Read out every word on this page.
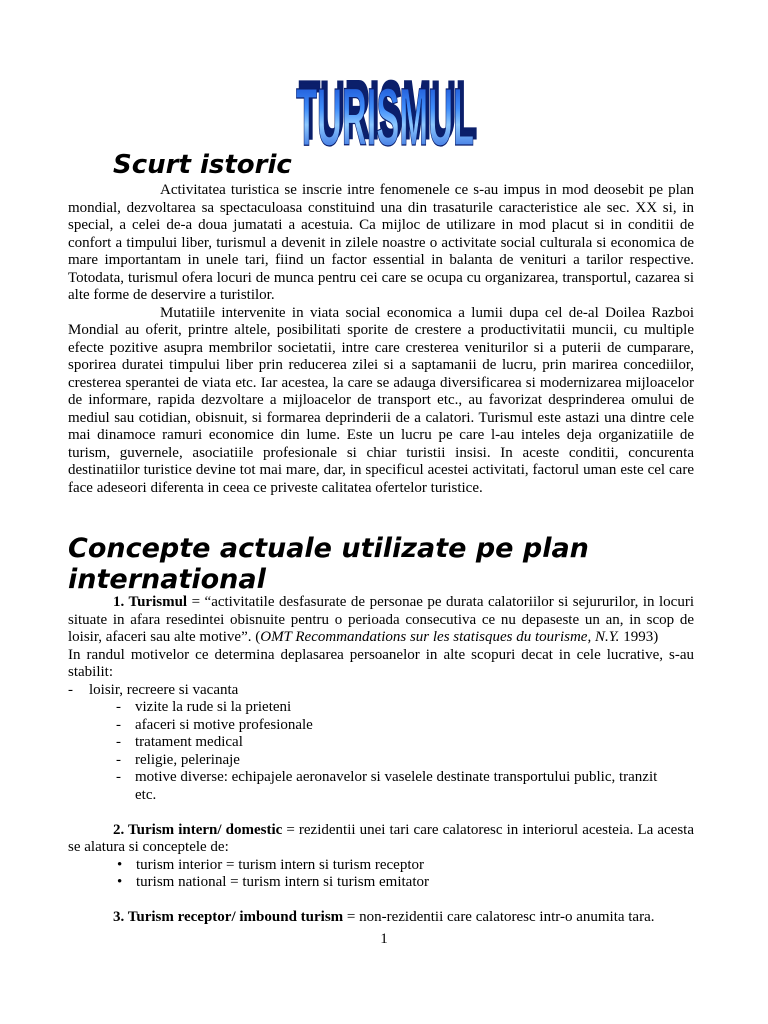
TURISMUL
TURISMUL
Scurt istoric

Activitatea turistica se inscrie intre fenomenele ce s-au impus in mod deosebit pe plan mondial, dezvoltarea sa spectaculoasa constituind una din trasaturile caracteristice ale sec. XX si, in special, a celei de-a doua jumatati a acestuia. Ca mijloc de utilizare in mod placut si in conditii de confort a timpului liber, turismul a devenit in zilele noastre o activitate social culturala si economica de mare importantam in unele tari, fiind un factor essential in balanta de venituri a tarilor respective. Totodata, turismul ofera locuri de munca pentru cei care se ocupa cu organizarea, transportul, cazarea si alte forme de deservire a turistilor.

Mutatiile intervenite in viata social economica a lumii dupa cel de-al Doilea Razboi Mondial au oferit, printre altele, posibilitati sporite de crestere a productivitatii muncii, cu multiple efecte pozitive asupra membrilor societatii, intre care cresterea veniturilor si a puterii de cumparare, sporirea duratei timpului liber prin reducerea zilei si a saptamanii de lucru, prin marirea concediilor, cresterea sperantei de viata etc. Iar acestea, la care se adauga diversificarea si modernizarea mijloacelor de informare, rapida dezvoltare a mijloacelor de transport etc., au favorizat desprinderea omului de mediul sau cotidian, obisnuit, si formarea deprinderii de a calatori. Turismul este astazi una dintre cele mai dinamoce ramuri economice din lume. Este un lucru pe care l-au inteles deja organizatiile de turism, guvernele, asociatiile profesionale si chiar turistii insisi. In aceste conditii, concurenta destinatiilor turistice devine tot mai mare, dar, in specificul acestei activitati, factorul uman este cel care face adeseori diferenta in ceea ce priveste calitatea ofertelor turistice.

Concepte actuale utilizate pe plan international

1. Turismul = “activitatile desfasurate de personae pe durata calatoriilor si sejururilor, in locuri situate in afara resedintei obisnuite pentru o perioada consecutiva ce nu depaseste un an, in scop de loisir, afaceri sau alte motive”. (OMT Recommandations sur les statisques du tourisme, N.Y. 1993)

In randul motivelor ce determina deplasarea persoanelor in alte scopuri decat in cele lucrative, s-au stabilit:

-	loisir, recreere si vacanta
- vizite la rude si la prieteni
- afaceri si motive profesionale
- tratament medical
- religie, pelerinaje
- motive diverse: echipajele aeronavelor si vaselele destinate transportului public, tranzit etc.

2. Turism intern/ domestic = rezidentii unei tari care calatoresc in interiorul acesteia. La acesta se alatura si conceptele de:

• turism interior = turism intern si turism receptor
• turism national = turism intern si turism emitator

3. Turism receptor/ imbound turism = non-rezidentii care calatoresc intr-o anumita tara.

1
